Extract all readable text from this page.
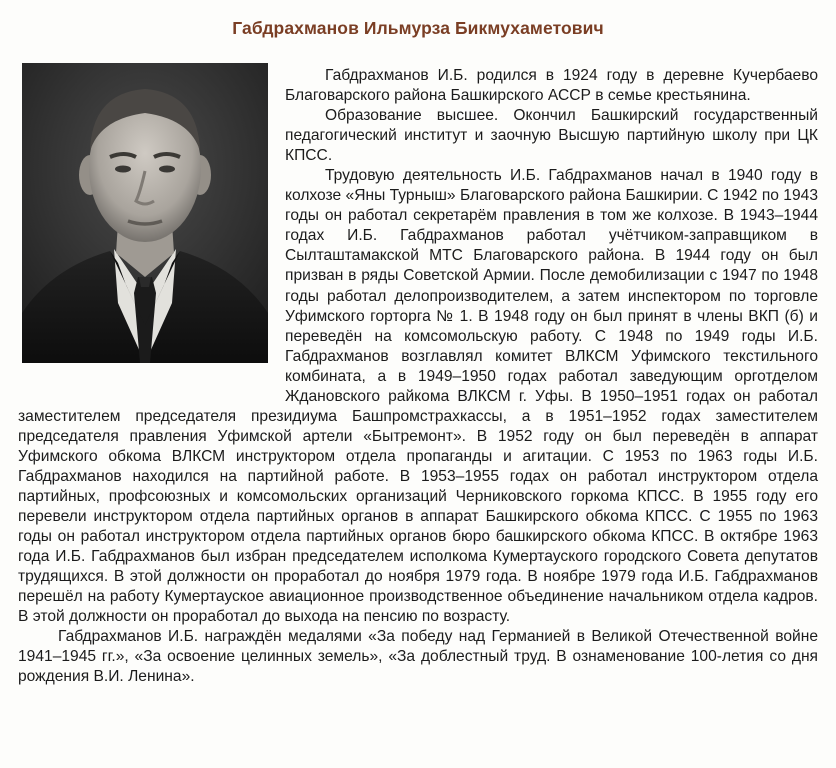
Габдрахманов Ильмурза Бикмухаметович

Габдрахманов И.Б. родился в 1924 году в деревне Кучербаево Благоварского района Башкирского АССР в семье крестьянина.

Образование высшее. Окончил Башкирский государственный педагогический институт и заочную Высшую партийную школу при ЦК КПСС.

Трудовую деятельность И.Б. Габдрахманов начал в 1940 году в колхозе «Яны Турныш» Благоварского района Башкирии. С 1942 по 1943 годы он работал секретарём правления в том же колхозе. В 1943–1944 годах И.Б. Габдрахманов работал учётчиком-заправщиком в Сылташтамакской МТС Благоварского района. В 1944 году он был призван в ряды Советской Армии. После демобилизации с 1947 по 1948 годы работал делопроизводителем, а затем инспектором по торговле Уфимского горторга № 1. В 1948 году он был принят в члены ВКП (б) и переведён на комсомольскую работу. С 1948 по 1949 годы И.Б. Габдрахманов возглавлял комитет ВЛКСМ Уфимского текстильного комбината, а в 1949–1950 годах работал заведующим орготделом Ждановского райкома ВЛКСМ г. Уфы. В 1950–1951 годах он работал заместителем председателя президиума Башпромстрахкассы, а в 1951–1952 годах заместителем председателя правления Уфимской артели «Бытремонт». В 1952 году он был переведён в аппарат Уфимского обкома ВЛКСМ инструктором отдела пропаганды и агитации. С 1953 по 1963 годы И.Б. Габдрахманов находился на партийной работе. В 1953–1955 годах он работал инструктором отдела партийных, профсоюзных и комсомольских организаций Черниковского горкома КПСС. В 1955 году его перевели инструктором отдела партийных органов в аппарат Башкирского обкома КПСС. С 1955 по 1963 годы он работал инструктором отдела партийных органов бюро башкирского обкома КПСС. В октябре 1963 года И.Б. Габдрахманов был избран председателем исполкома Кумертауского городского Совета депутатов трудящихся. В этой должности он проработал до ноября 1979 года. В ноябре 1979 года И.Б. Габдрахманов перешёл на работу Кумертауское авиационное производственное объединение начальником отдела кадров. В этой должности он проработал до выхода на пенсию по возрасту.

Габдрахманов И.Б. награждён медалями «За победу над Германией в Великой Отечественной войне 1941–1945 гг.», «За освоение целинных земель», «За доблестный труд. В ознаменование 100-летия со дня рождения В.И. Ленина».
